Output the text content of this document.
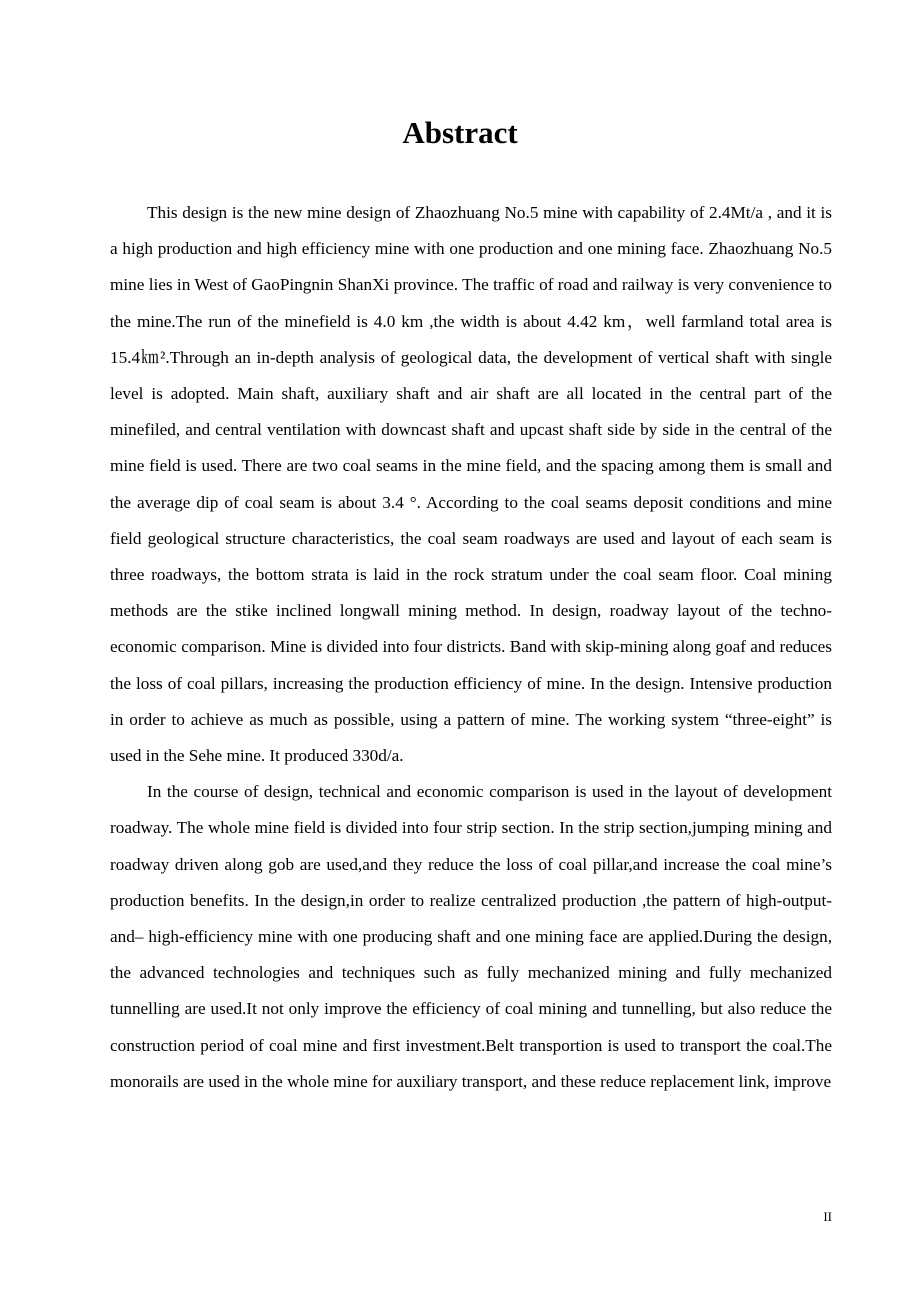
Abstract

This design is the new mine design of Zhaozhuang No.5 mine with capability of 2.4Mt/a , and it is a high production and high efficiency mine with one production and one mining face. Zhaozhuang No.5 mine lies in West of GaoPingnin ShanXi province. The traffic of road and railway is very convenience to the mine.The run of the minefield is 4.0 km ,the width is about 4.42 km，well farmland total area is 15.4㎞².Through an in-depth analysis of geological data, the development of vertical shaft with single level is adopted. Main shaft, auxiliary shaft and air shaft are all located in the central part of the minefiled, and central ventilation with downcast shaft and upcast shaft side by side in the central of the mine field is used. There are two coal seams in the mine field, and the spacing among them is small and the average dip of coal seam is about 3.4 °. According to the coal seams deposit conditions and mine field geological structure characteristics, the coal seam roadways are used and layout of each seam is three roadways, the bottom strata is laid in the rock stratum under the coal seam floor. Coal mining methods are the stike inclined longwall mining method. In design, roadway layout of the techno-economic comparison. Mine is divided into four districts. Band with skip-mining along goaf and reduces the loss of coal pillars, increasing the production efficiency of mine. In the design. Intensive production in order to achieve as much as possible, using a pattern of mine. The working system “three-eight” is used in the Sehe mine. It produced 330d/a.

In the course of design, technical and economic comparison is used in the layout of development roadway. The whole mine field is divided into four strip section. In the strip section,jumping mining and roadway driven along gob are used,and they reduce the loss of coal pillar,and increase the coal mine’s production benefits. In the design,in order to realize centralized production ,the pattern of high-output- and– high-efficiency mine with one producing shaft and one mining face are applied.During the design, the advanced technologies and techniques such as fully mechanized mining and fully mechanized tunnelling are used.It not only improve the efficiency of coal mining and tunnelling, but also reduce the construction period of coal mine and first investment.Belt transportion is used to transport the coal.The monorails are used in the whole mine for auxiliary transport, and these reduce replacement link, improve

II
